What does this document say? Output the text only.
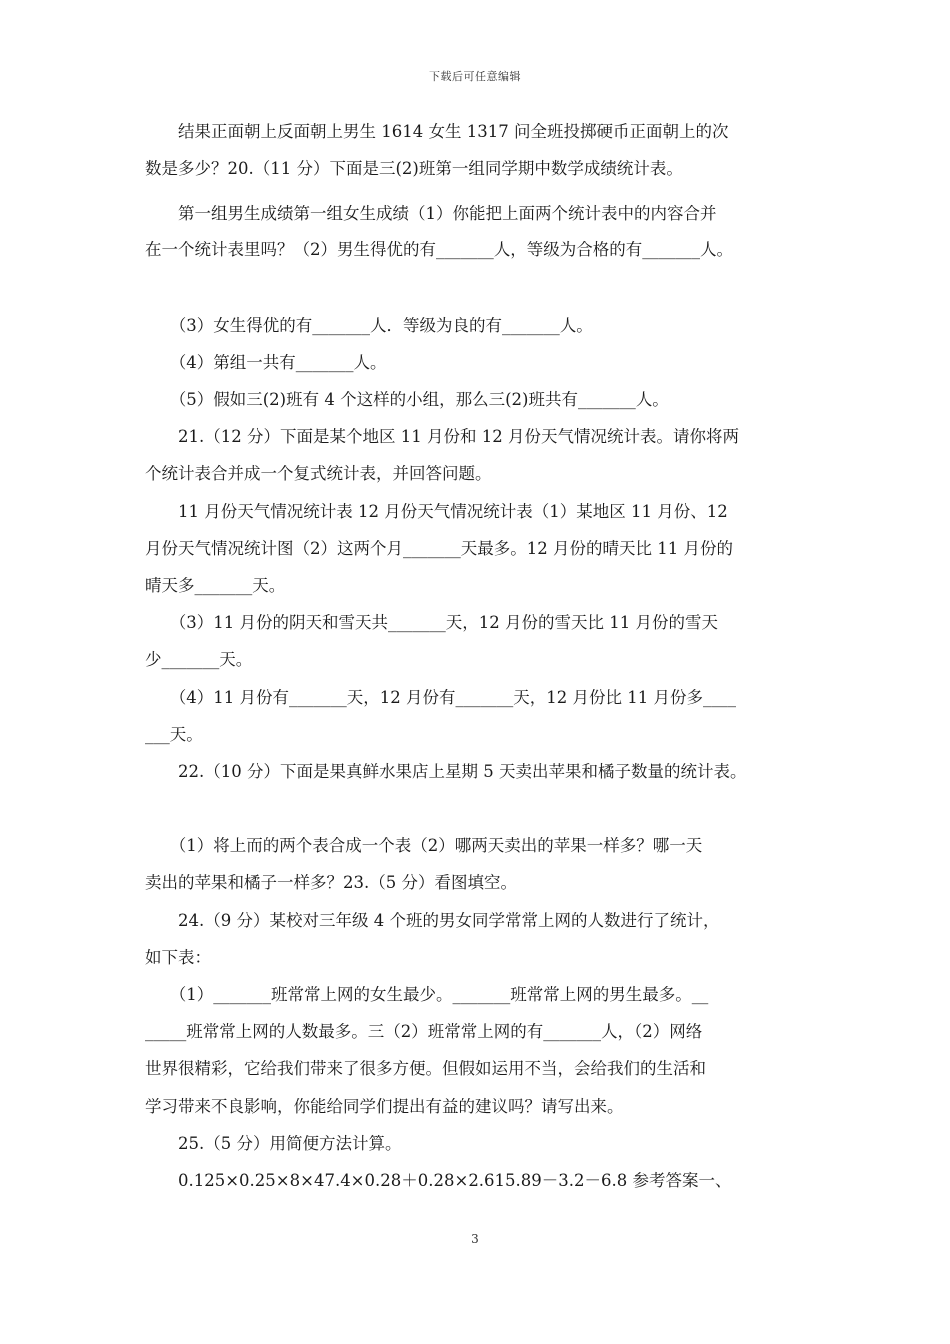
下载后可任意编辑
　　结果正面朝上反面朝上男生 1614 女生 1317 问全班投掷硬币正面朝上的次
数是多少？20.（11 分）下面是三(2)班第一组同学期中数学成绩统计表。
　　第一组男生成绩第一组女生成绩（1）你能把上面两个统计表中的内容合并
在一个统计表里吗？（2）男生得优的有_______人，等级为合格的有_______人。
　　（3）女生得优的有_______人．等级为良的有_______人。
　　（4）第组一共有_______人。
　　（5）假如三(2)班有 4 个这样的小组，那么三(2)班共有_______人。
　　21.（12 分）下面是某个地区 11 月份和 12 月份天气情况统计表。请你将两
个统计表合并成一个复式统计表，并回答问题。
　　11 月份天气情况统计表 12 月份天气情况统计表（1）某地区 11 月份、12
月份天气情况统计图（2）这两个月_______天最多。12 月份的晴天比 11 月份的
晴天多_______天。
　　（3）11 月份的阴天和雪天共_______天，12 月份的雪天比 11 月份的雪天
少_______天。
　　（4）11 月份有_______天，12 月份有_______天，12 月份比 11 月份多____
___天。
　　22.（10 分）下面是果真鲜水果店上星期 5 天卖出苹果和橘子数量的统计表。
　　（1）将上而的两个表合成一个表（2）哪两天卖出的苹果一样多？哪一天
卖出的苹果和橘子一样多？23.（5 分）看图填空。
　　24.（9 分）某校对三年级 4 个班的男女同学常常上网的人数进行了统计，
如下表：
　　（1）_______班常常上网的女生最少。_______班常常上网的男生最多。__
_____班常常上网的人数最多。三（2）班常常上网的有_______人，（2）网络
世界很精彩，它给我们带来了很多方便。但假如运用不当，会给我们的生活和
学习带来不良影响，你能给同学们提出有益的建议吗？请写出来。
　　25.（5 分）用简便方法计算。
　　0.125×0.25×8×47.4×0.28＋0.28×2.615.89－3.2－6.8 参考答案一、
3
